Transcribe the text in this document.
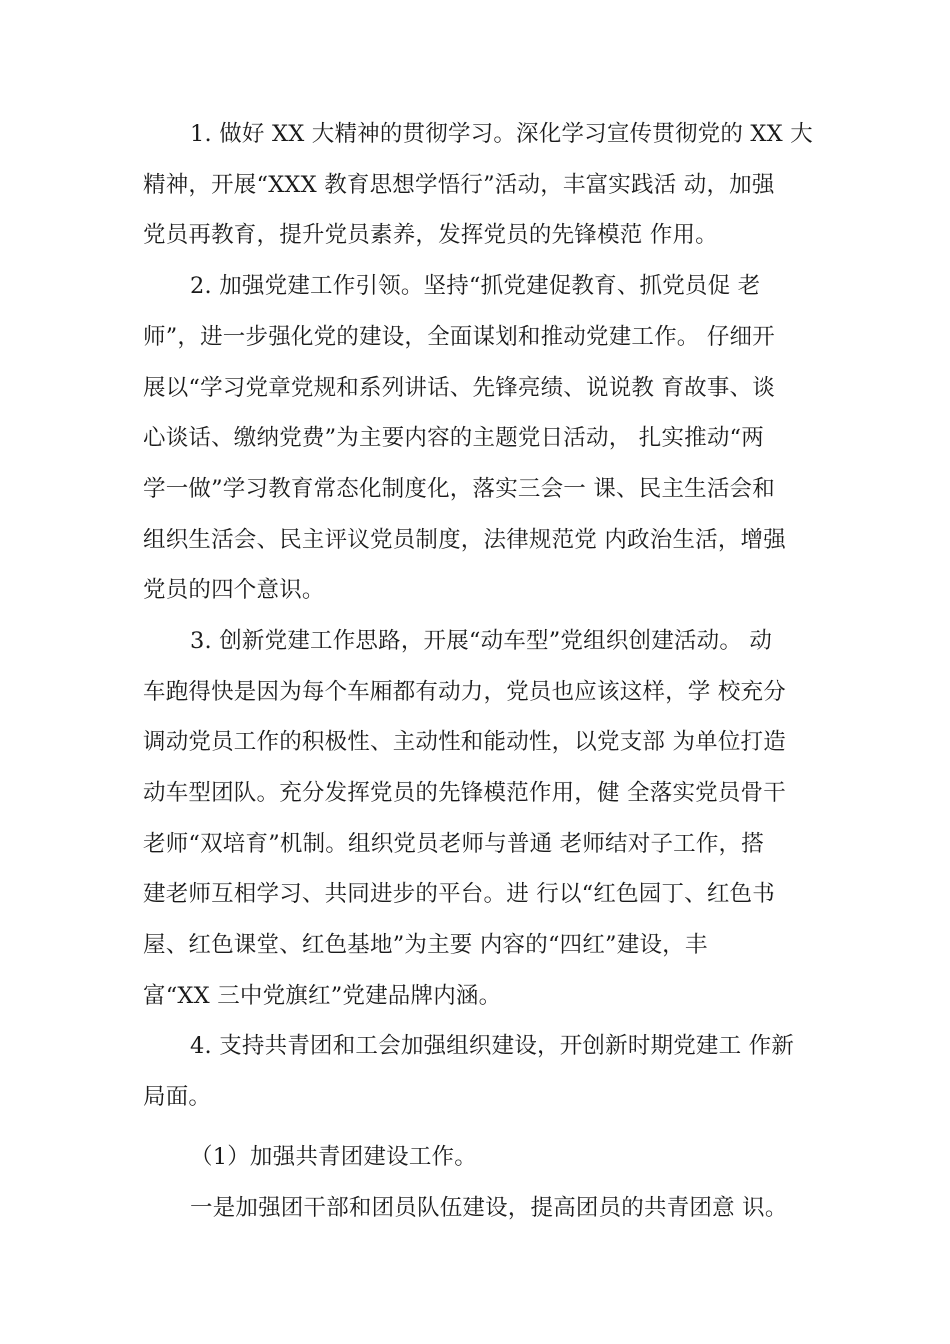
1. 做好 XX 大精神的贯彻学习。深化学习宣传贯彻党的 XX 大
精神，开展“XXX 教育思想学悟行”活动，丰富实践活 动，加强
党员再教育，提升党员素养，发挥党员的先锋模范 作用。
2. 加强党建工作引领。坚持“抓党建促教育、抓党员促 老
师”，进一步强化党的建设，全面谋划和推动党建工作。 仔细开
展以“学习党章党规和系列讲话、先锋亮绩、说说教 育故事、谈
心谈话、缴纳党费”为主要内容的主题党日活动， 扎实推动“两
学一做”学习教育常态化制度化，落实三会一 课、民主生活会和
组织生活会、民主评议党员制度，法律规范党 内政治生活，增强
党员的四个意识。
3. 创新党建工作思路，开展“动车型”党组织创建活动。 动
车跑得快是因为每个车厢都有动力，党员也应该这样，学 校充分
调动党员工作的积极性、主动性和能动性，以党支部 为单位打造
动车型团队。充分发挥党员的先锋模范作用，健 全落实党员骨干
老师“双培育”机制。组织党员老师与普通 老师结对子工作，搭
建老师互相学习、共同进步的平台。进 行以“红色园丁、红色书
屋、红色课堂、红色基地”为主要 内容的“四红”建设，丰
富“XX 三中党旗红”党建品牌内涵。
4. 支持共青团和工会加强组织建设，开创新时期党建工 作新
局面。
（1）加强共青团建设工作。
一是加强团干部和团员队伍建设，提高团员的共青团意 识。
